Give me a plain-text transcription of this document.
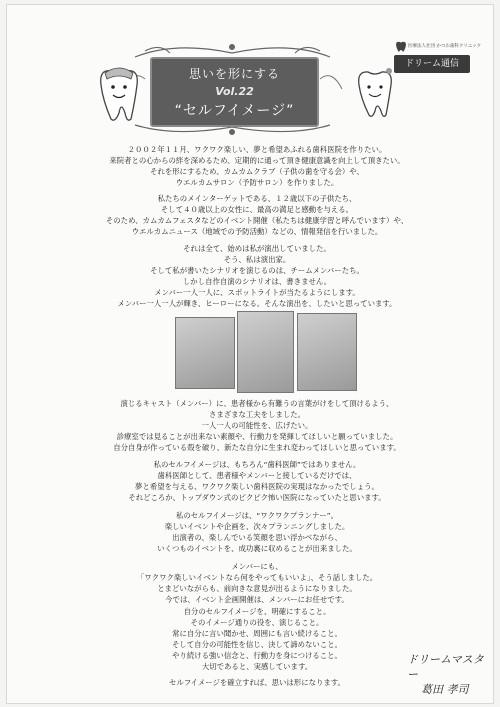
思いを形にする
Vol.22
“セルフイメージ”
医療法人社団 かつお歯科クリニック
ドリーム通信

２００２年１１月、ワクワク楽しい、夢と希望あふれる歯科医院を作りたい。

来院者との心からの絆を深めるため、定期的に通って頂き健康意識を向上して頂きたい。

それを形にするため、カムカムクラブ（子供の歯を守る会）や、

ウエルカムサロン（予防サロン）を作りました。

私たちのメインターゲットである、１２歳以下の子供たち、

そして４０歳以上の女性に、最高の満足と感動を与える。

そのため、カムカムフェスタなどのイベント開催（私たちは健康学習と呼んでいます）や、

ウエルカムニュース（地域での予防活動）などの、情報発信を行いました。

それは全て、始めは私が演出していました。

そう、私は演出家。

そして私が書いたシナリオを演じるのは、チームメンバーたち。

しかし自作自演のシナリオは、書きません。

メンバー一人一人に、スポットライトが当たるようにします。

メンバー一人一人が輝き、ヒーローになる。そんな演出を、したいと思っています。

演じるキャスト（メンバー）に、患者様から有難うの言葉がけをして頂けるよう、

さまざまな工夫をしました。

一人一人の可能性を、広げたい。

診療室では見ることが出来ない素顔や、行動力を発揮してほしいと願っていました。

自分自身が作っている殻を破り、新たな自分に生まれ変わってほしいと思っています。

私のセルフイメージは、もちろん“歯科医師”ではありません。

歯科医師として、患者様やメンバーと接しているだけでは、

夢と希望を与える、ワクワク楽しい歯科医院の実現はなかったでしょう。

それどころか、トップダウン式のピクピク怖い医院になっていたと思います。

私のセルフイメージは、“ワクワクプランナー”。

楽しいイベントや企画を、次々プランニングしました。

出演者の、楽しんでいる笑顔を思い浮かべながら、

いくつものイベントを、成功裏に収めることが出来ました。

メンバーにも、

「ワクワク楽しいイベントなら何をやってもいいよ」、そう話しました。

とまどいながらも、前向きな意見が出るようになりました。

今では、イベント企画開催は、メンバーにお任せです。

自分のセルフイメージを、明確にすること。

そのイメージ通りの役を、演じること。

常に自分に言い聞かせ、周囲にも言い続けること。

そして自分の可能性を信じ、決して諦めないこと。

やり続ける強い信念と、行動力を身につけること。

大切であると、実感しています。

セルフイメージを確立すれば、思いは形になります。

ドリームマスター
葛田 孝司
